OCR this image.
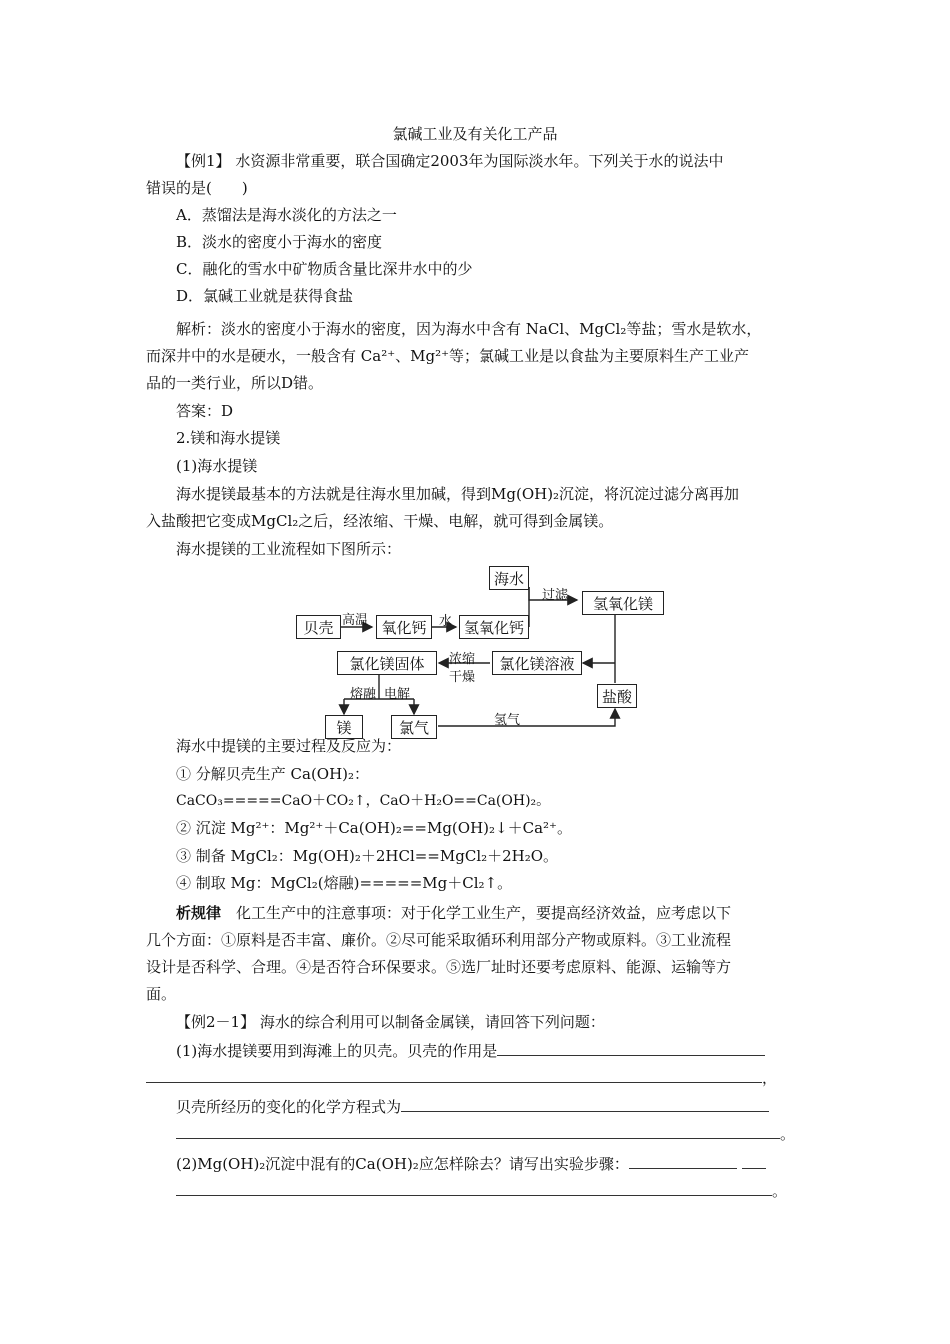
氯碱工业及有关化工产品
【例1】 水资源非常重要，联合国确定2003年为国际淡水年。下列关于水的说法中
错误的是(　　)
A．蒸馏法是海水淡化的方法之一
B．淡水的密度小于海水的密度
C．融化的雪水中矿物质含量比深井水中的少
D．氯碱工业就是获得食盐
解析：淡水的密度小于海水的密度，因为海水中含有 NaCl、MgCl₂等盐；雪水是软水，
而深井中的水是硬水，一般含有 Ca²⁺、Mg²⁺等；氯碱工业是以食盐为主要原料生产工业产
品的一类行业，所以D错。
答案：D
2.镁和海水提镁
(1)海水提镁
海水提镁最基本的方法就是往海水里加碱，得到Mg(OH)₂沉淀，将沉淀过滤分离再加
入盐酸把它变成MgCl₂之后，经浓缩、干燥、电解，就可得到金属镁。
海水提镁的工业流程如下图所示：
海水
氢氧化镁
贝壳	氧化钙	氢氧化钙
氯化镁固体	氯化镁溶液
盐酸
镁	氯气
高温	水
过滤
浓缩
干燥
熔融 电解
氢气
海水中提镁的主要过程及反应为：
① 分解贝壳生产 Ca(OH)₂：
CaCO₃=====CaO＋CO₂↑，CaO＋H₂O==Ca(OH)₂。
② 沉淀 Mg²⁺：Mg²⁺＋Ca(OH)₂==Mg(OH)₂↓＋Ca²⁺。
③ 制备 MgCl₂：Mg(OH)₂＋2HCl==MgCl₂＋2H₂O。
④ 制取 Mg：MgCl₂(熔融)=====Mg＋Cl₂↑。
析规律　 化工生产中的注意事项：对于化学工业生产，要提高经济效益，应考虑以下
几个方面：①原料是否丰富、廉价。②尽可能采取循环利用部分产物或原料。③工业流程
设计是否科学、合理。④是否符合环保要求。⑤选厂址时还要考虑原料、能源、运输等方
面。
【例2－1】 海水的综合利用可以制备金属镁，请回答下列问题：
(1)海水提镁要用到海滩上的贝壳。贝壳的作用是
，
贝壳所经历的变化的化学方程式为
。
(2)Mg(OH)₂沉淀中混有的Ca(OH)₂应怎样除去？请写出实验步骤：
。
